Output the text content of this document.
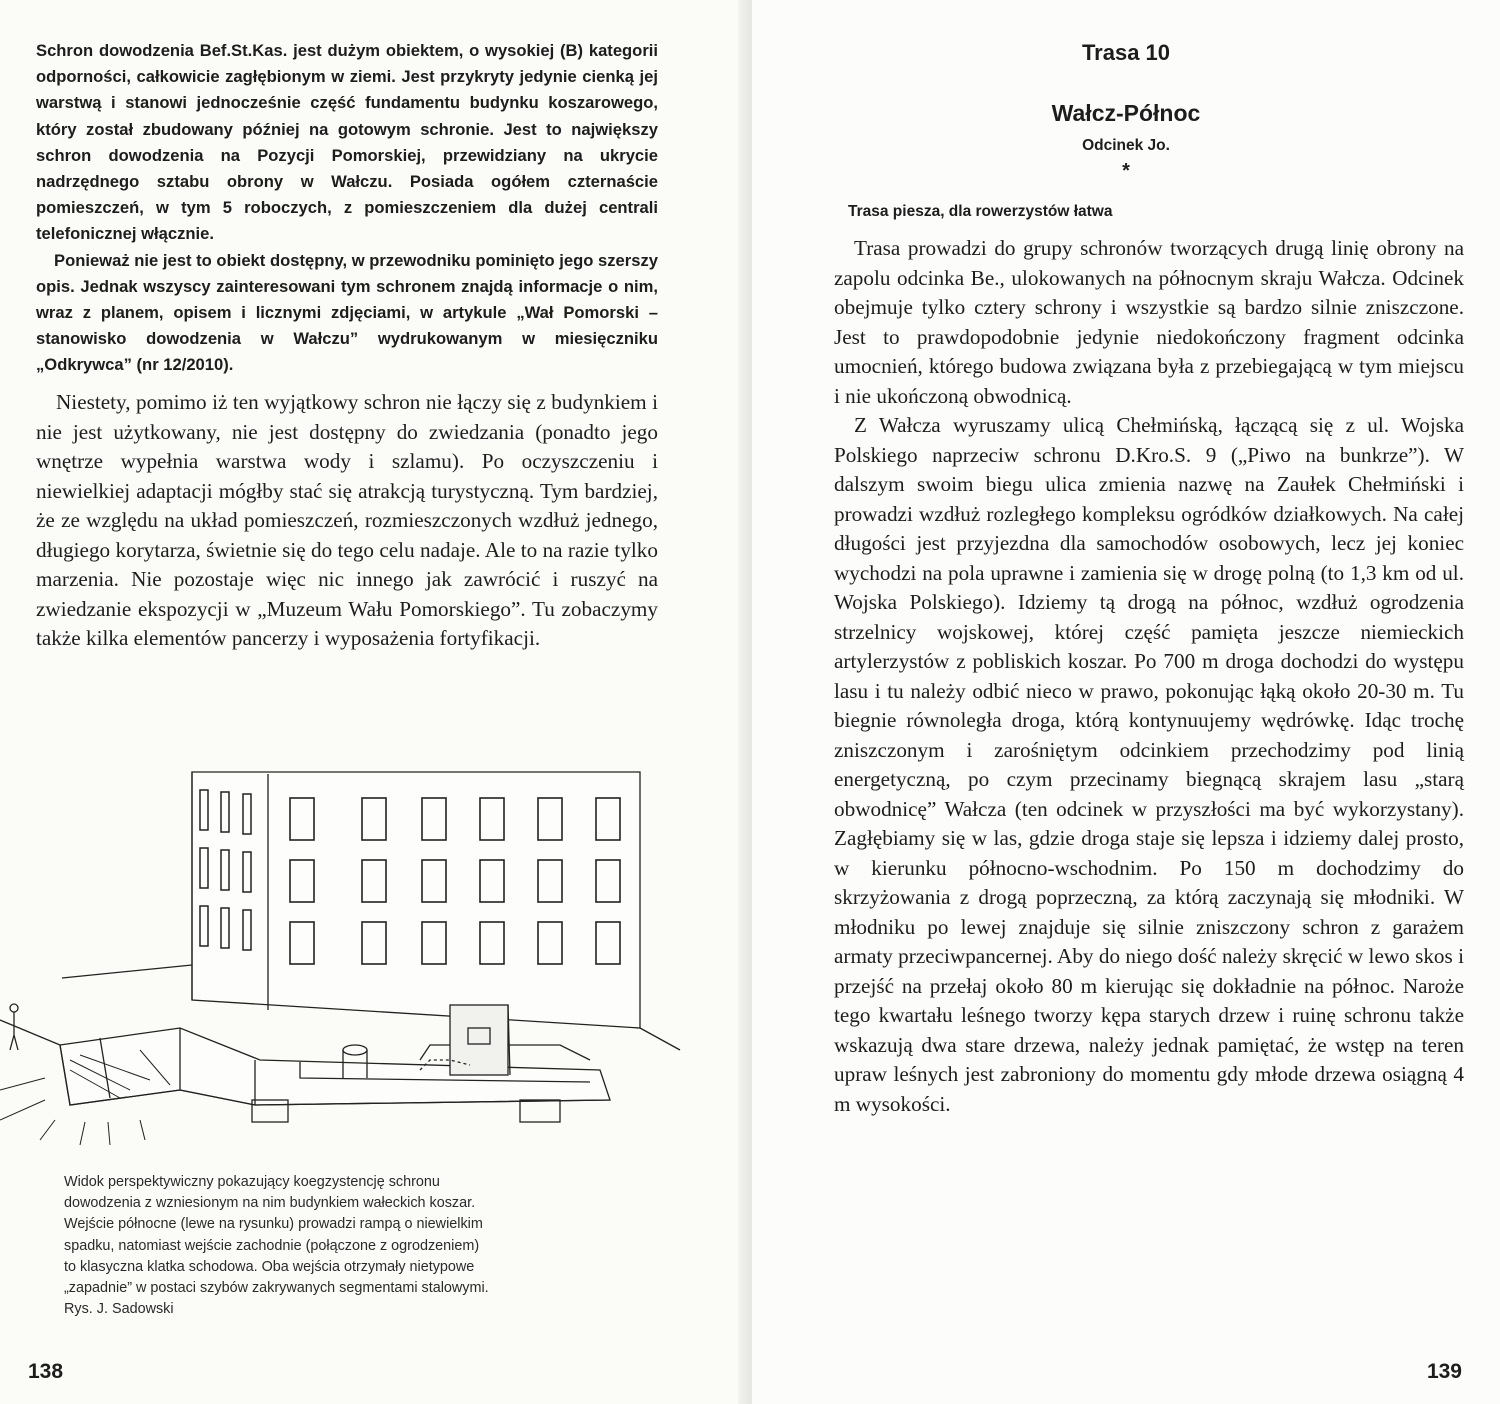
Schron dowodzenia Bef.St.Kas. jest dużym obiektem, o wysokiej (B) kategorii odporności, całkowicie zagłębionym w ziemi. Jest przykryty jedynie cienką jej warstwą i stanowi jednocześnie część fundamentu budynku koszarowego, który został zbudowany później na gotowym schronie. Jest to największy schron dowodzenia na Pozycji Pomorskiej, przewidziany na ukrycie nadrzędnego sztabu obrony w Wałczu. Posiada ogółem czternaście pomieszczeń, w tym 5 roboczych, z pomieszczeniem dla dużej centrali telefonicznej włącznie.

Ponieważ nie jest to obiekt dostępny, w przewodniku pominięto jego szerszy opis. Jednak wszyscy zainteresowani tym schronem znajdą informacje o nim, wraz z planem, opisem i licznymi zdjęciami, w artykule „Wał Pomorski – stanowisko dowodzenia w Wałczu” wydrukowanym w miesięczniku „Odkrywca” (nr 12/2010).

Niestety, pomimo iż ten wyjątkowy schron nie łączy się z budynkiem i nie jest użytkowany, nie jest dostępny do zwiedzania (ponadto jego wnętrze wypełnia warstwa wody i szlamu). Po oczyszczeniu i niewielkiej adaptacji mógłby stać się atrakcją turystyczną. Tym bardziej, że ze względu na układ pomieszczeń, rozmieszczonych wzdłuż jednego, długiego korytarza, świetnie się do tego celu nadaje. Ale to na razie tylko marzenia. Nie pozostaje więc nic innego jak zawrócić i ruszyć na zwiedzanie ekspozycji w „Muzeum Wału Pomorskiego”. Tu zobaczymy także kilka elementów pancerzy i wyposażenia fortyfikacji.

Widok perspektywiczny pokazujący koegzystencję schronu
dowodzenia z wzniesionym na nim budynkiem wałeckich koszar.
Wejście północne (lewe na rysunku) prowadzi rampą o niewielkim
spadku, natomiast wejście zachodnie (połączone z ogrodzeniem)
to klasyczna klatka schodowa. Oba wejścia otrzymały nietypowe
„zapadnie” w postaci szybów zakrywanych segmentami stalowymi.
Rys. J. Sadowski
138
Trasa 10
Wałcz-Północ
Odcinek Jo.
*
Trasa piesza, dla rowerzystów łatwa

Trasa prowadzi do grupy schronów tworzących drugą linię obrony na zapolu odcinka Be., ulokowanych na północnym skraju Wałcza. Odcinek obejmuje tylko cztery schrony i wszystkie są bardzo silnie zniszczone. Jest to prawdopodobnie jedynie niedokończony fragment odcinka umocnień, którego budowa związana była z przebiegającą w tym miejscu i nie ukończoną obwodnicą.

Z Wałcza wyruszamy ulicą Chełmińską, łączącą się z ul. Wojska Polskiego naprzeciw schronu D.Kro.S. 9 („Piwo na bunkrze”). W dalszym swoim biegu ulica zmienia nazwę na Zaułek Chełmiński i prowadzi wzdłuż rozległego kompleksu ogródków działkowych. Na całej długości jest przyjezdna dla samochodów osobowych, lecz jej koniec wychodzi na pola uprawne i zamienia się w drogę polną (to 1,3 km od ul. Wojska Polskiego). Idziemy tą drogą na północ, wzdłuż ogrodzenia strzelnicy wojskowej, której część pamięta jeszcze niemieckich artylerzystów z pobliskich koszar. Po 700 m droga dochodzi do występu lasu i tu należy odbić nieco w prawo, pokonując łąką około 20-30 m. Tu biegnie równoległa droga, którą kontynuujemy wędrówkę. Idąc trochę zniszczonym i zarośniętym odcinkiem przechodzimy pod linią energetyczną, po czym przecinamy biegnącą skrajem lasu „starą obwodnicę” Wałcza (ten odcinek w przyszłości ma być wykorzystany). Zagłębiamy się w las, gdzie droga staje się lepsza i idziemy dalej prosto, w kierunku północno-wschodnim. Po 150 m dochodzimy do skrzyżowania z drogą poprzeczną, za którą zaczynają się młodniki. W młodniku po lewej znajduje się silnie zniszczony schron z garażem armaty przeciwpancernej. Aby do niego dość należy skręcić w lewo skos i przejść na przełaj około 80 m kierując się dokładnie na północ. Naroże tego kwartału leśnego tworzy kępa starych drzew i ruinę schronu także wskazują dwa stare drzewa, należy jednak pamiętać, że wstęp na teren upraw leśnych jest zabroniony do momentu gdy młode drzewa osiągną 4 m wysokości.

139
